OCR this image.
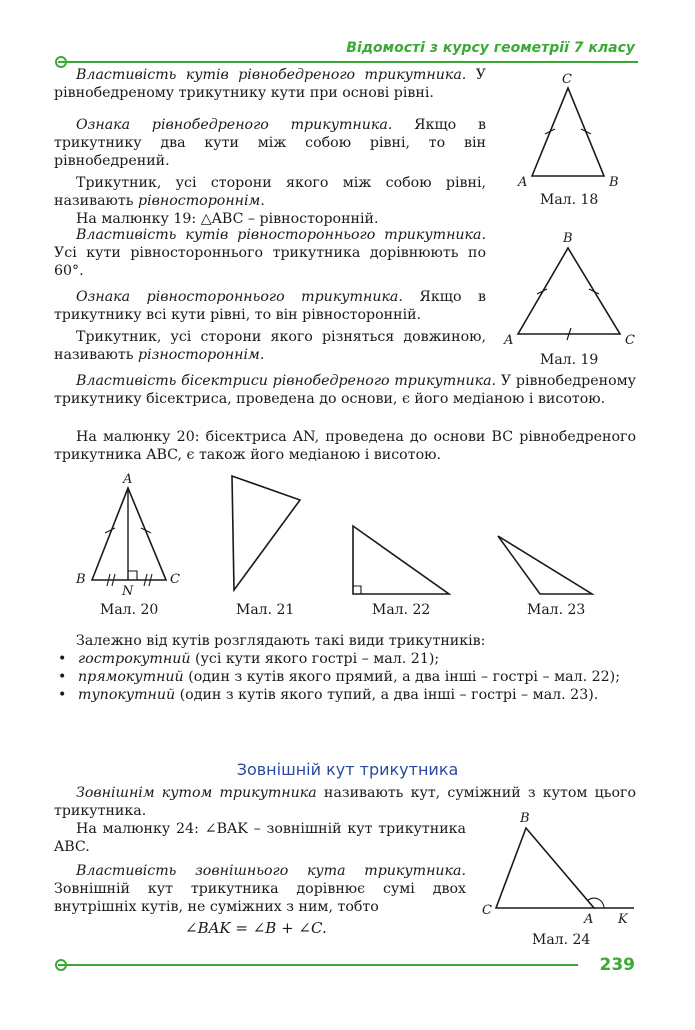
Відомості з курсу геометрії 7 класу

Властивість кутів рівнобедреного трикутника. У рівнобедреному трикутнику кути при основі рівні.

Ознака рівнобедреного трикутника. Якщо в трикутнику два кути між собою рівні, то він рівнобедрений.

Трикутник, усі сторони якого між собою рівні, називають рівностороннім.

На малюнку 19: △ABC – рівносторонній.

Властивість кутів рівностороннього трикутника. Усі кути рівностороннього трикутника дорівнюють по 60°.

Ознака рівностороннього трикутника. Якщо в трикутнику всі кути рівні, то він рівносторонній.

Трикутник, усі сторони якого різняться довжиною, називають різностороннім.

Властивість бісектриси рівнобедреного трикутника. У рівнобедреному трикутнику бісектриса, проведена до основи, є його медіаною і висотою.

На малюнку 20: бісектриса AN, проведена до основи BC рівнобедреного трикутника ABC, є також його медіаною і висотою.

C
A	B
Мал. 18
B
A	C
Мал. 19
A
B	C
N
Мал. 20	Мал. 21	Мал. 22	Мал. 23

Залежно від кутів розглядають такі види трикутників:

• гострокутний (усі кути якого гострі – мал. 21);
• прямокутний (один з кутів якого прямий, а два інші – гострі – мал. 22);
• тупокутний (один з кутів якого тупий, а два інші – гострі – мал. 23).
Зовнішній кут трикутника

Зовнішнім кутом трикутника називають кут, суміжний з кутом цього трикутника.

На малюнку 24: ∠BAK – зовнішній кут трикутника ABC.

Властивість зовнішнього кута трикутника. Зовнішній кут трикутника дорівнює сумі двох внутрішніх кутів, не суміжних з ним, тобто

∠BAK = ∠B + ∠C.
B
C
A K
Мал. 24
239
